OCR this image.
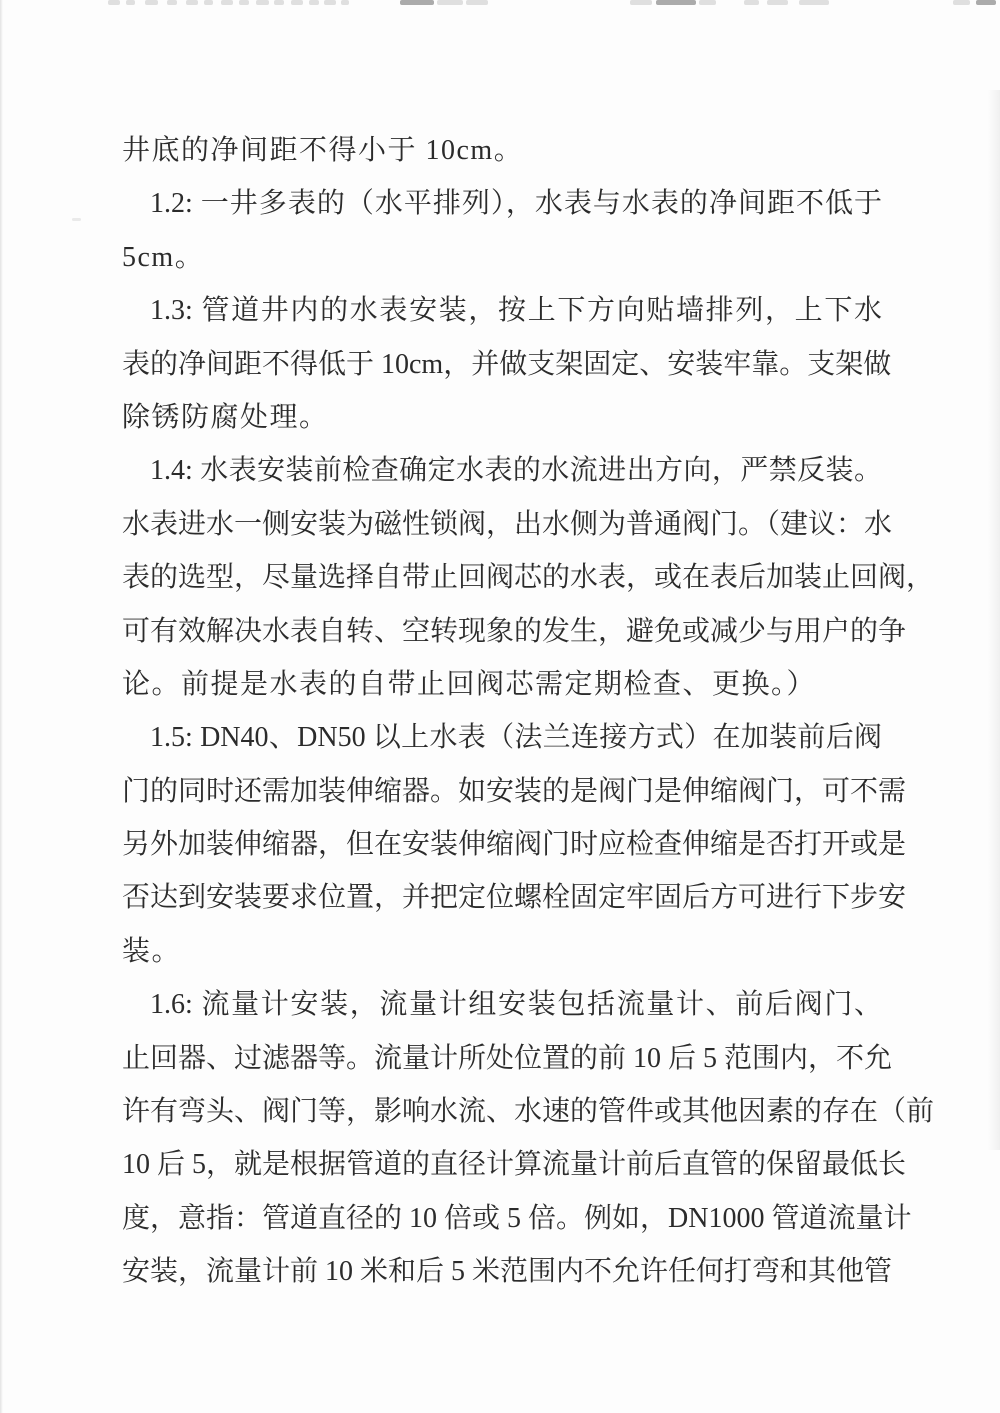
井底的净间距不得小于 10cm。

1.2: 一井多表的（水平排列），水表与水表的净间距不低于
5cm。

1.3: 管道井内的水表安装，按上下方向贴墙排列，上下水
表的净间距不得低于 10cm，并做支架固定、安装牢靠。支架做
除锈防腐处理。

1.4: 水表安装前检查确定水表的水流进出方向，严禁反装。
水表进水一侧安装为磁性锁阀，出水侧为普通阀门。（建议：水
表的选型，尽量选择自带止回阀芯的水表，或在表后加装止回阀，
可有效解决水表自转、空转现象的发生，避免或减少与用户的争
论。前提是水表的自带止回阀芯需定期检查、更换。）

1.5: DN40、DN50 以上水表（法兰连接方式）在加装前后阀
门的同时还需加装伸缩器。如安装的是阀门是伸缩阀门，可不需
另外加装伸缩器，但在安装伸缩阀门时应检查伸缩是否打开或是
否达到安装要求位置，并把定位螺栓固定牢固后方可进行下步安
装。

1.6: 流量计安装，流量计组安装包括流量计、前后阀门、
止回器、过滤器等。流量计所处位置的前 10 后 5 范围内，不允
许有弯头、阀门等，影响水流、水速的管件或其他因素的存在（前
10 后 5，就是根据管道的直径计算流量计前后直管的保留最低长
度，意指：管道直径的 10 倍或 5 倍。例如，DN1000 管道流量计
安装，流量计前 10 米和后 5 米范围内不允许任何打弯和其他管
